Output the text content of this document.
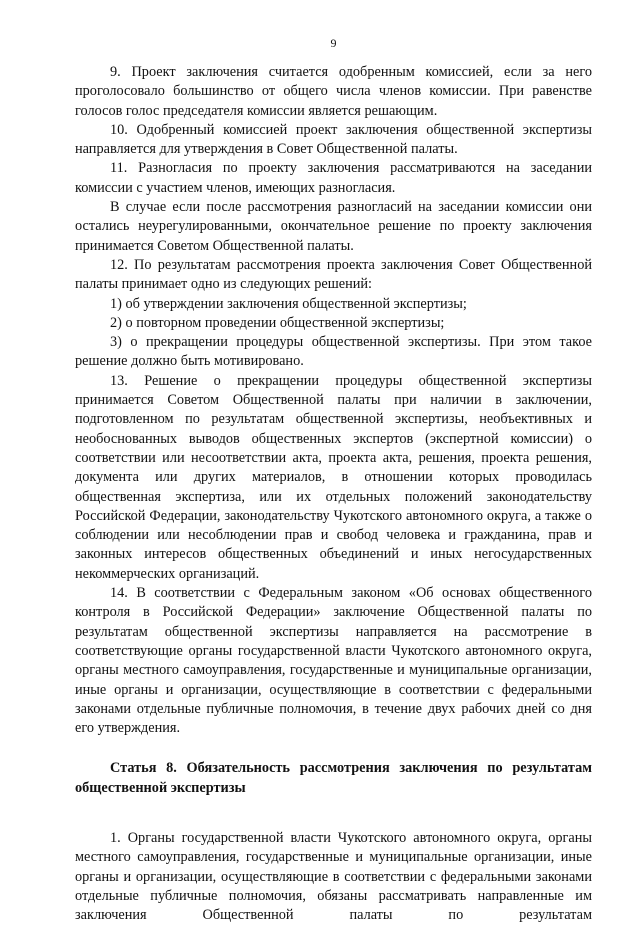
9

9. Проект заключения считается одобренным комиссией, если за него проголосовало большинство от общего числа членов комиссии. При равенстве голосов голос председателя комиссии является решающим.

10. Одобренный комиссией проект заключения общественной экспертизы направляется для утверждения в Совет Общественной палаты.

11. Разногласия по проекту заключения рассматриваются на заседании комиссии с участием членов, имеющих разногласия.

В случае если после рассмотрения разногласий на заседании комиссии они остались неурегулированными, окончательное решение по проекту заключения принимается Советом Общественной палаты.

12. По результатам рассмотрения проекта заключения Совет Общественной палаты принимает одно из следующих решений:

1) об утверждении заключения общественной экспертизы;

2) о повторном проведении общественной экспертизы;

3) о прекращении процедуры общественной экспертизы. При этом такое решение должно быть мотивировано.

13. Решение о прекращении процедуры общественной экспертизы принимается Советом Общественной палаты при наличии в заключении, подготовленном по результатам общественной экспертизы, необъективных и необоснованных выводов общественных экспертов (экспертной комиссии) о соответствии или несоответствии акта, проекта акта, решения, проекта решения, документа или других материалов, в отношении которых проводилась общественная экспертиза, или их отдельных положений законодательству Российской Федерации, законодательству Чукотского автономного округа, а также о соблюдении или несоблюдении прав и свобод человека и гражданина, прав и законных интересов общественных объединений и иных негосударственных некоммерческих организаций.

14. В соответствии с Федеральным законом «Об основах общественного контроля в Российской Федерации» заключение Общественной палаты по результатам общественной экспертизы направляется на рассмотрение в соответствующие органы государственной власти Чукотского автономного округа, органы местного самоуправления, государственные и муниципальные организации, иные органы и организации, осуществляющие в соответствии с федеральными законами отдельные публичные полномочия, в течение двух рабочих дней со дня его утверждения.

Статья 8. Обязательность рассмотрения заключения по результатам общественной экспертизы

1. Органы государственной власти Чукотского автономного округа, органы местного самоуправления, государственные и муниципальные организации, иные органы и организации, осуществляющие в соответствии с федеральными законами отдельные публичные полномочия, обязаны рассматривать направленные им заключения Общественной палаты по результатам
